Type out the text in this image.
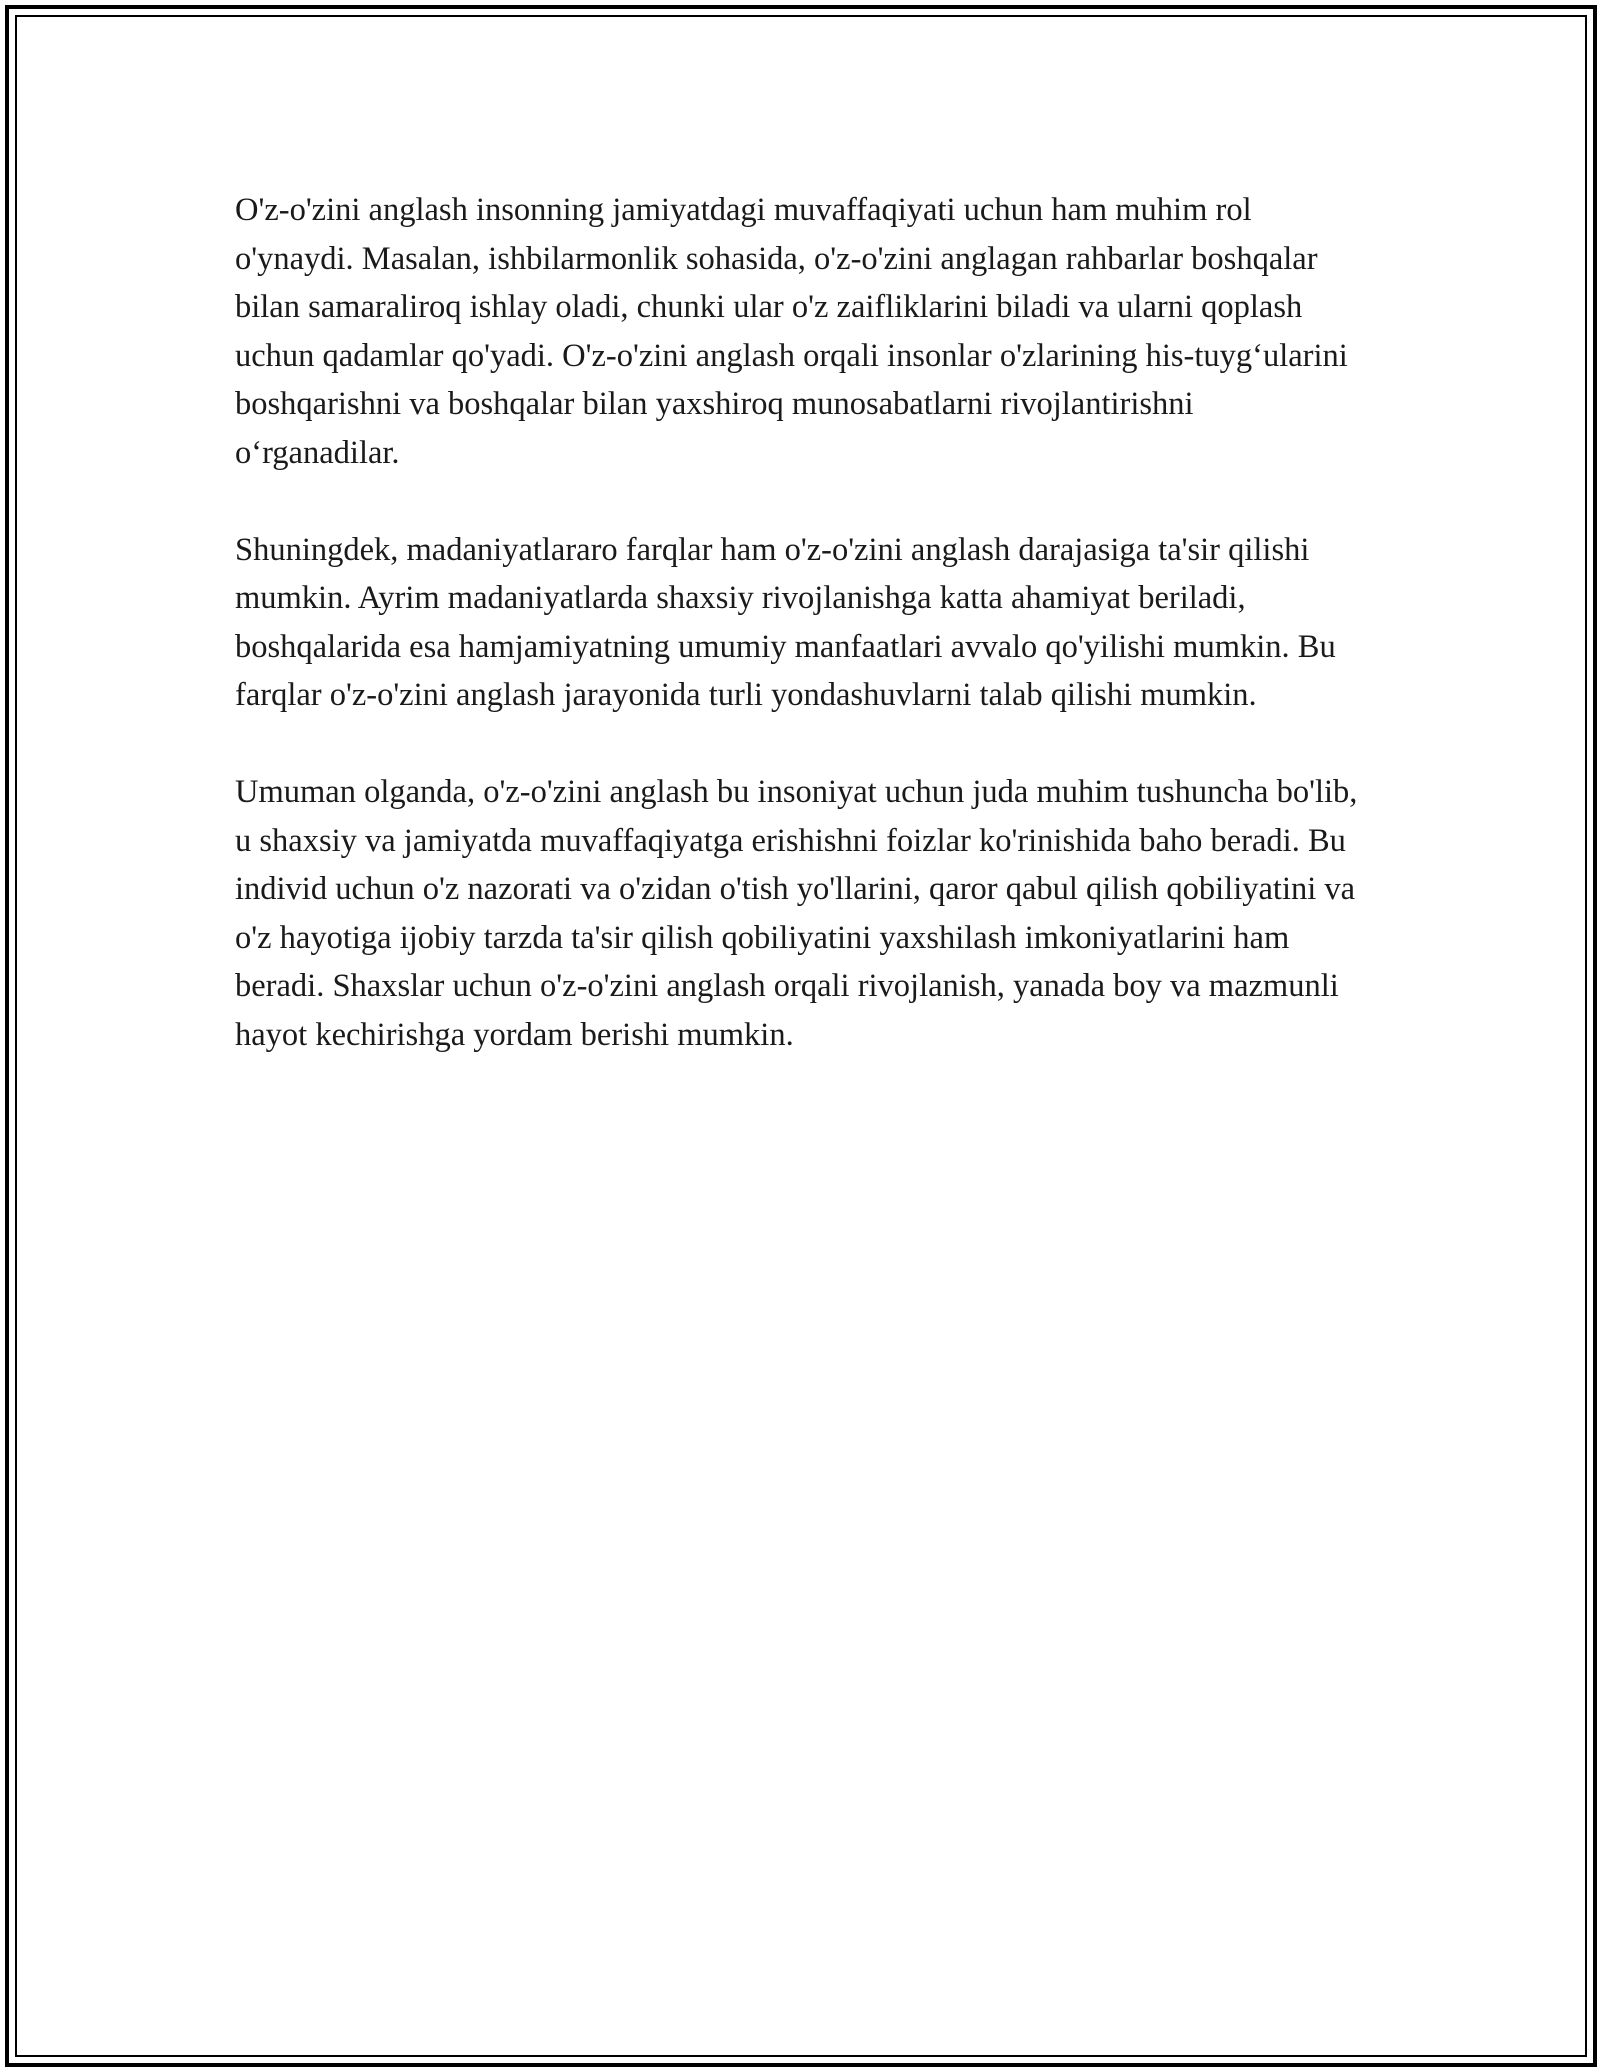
O'z-o'zini anglash insonning jamiyatdagi muvaffaqiyati uchun ham muhim rol o'ynaydi. Masalan, ishbilarmonlik sohasida, o'z-o'zini anglagan rahbarlar boshqalar bilan samaraliroq ishlay oladi, chunki ular o'z zaifliklarini biladi va ularni qoplash uchun qadamlar qo'yadi. O'z-o'zini anglash orqali insonlar o'zlarining his-tuyg‘ularini boshqarishni va boshqalar bilan yaxshiroq munosabatlarni rivojlantirishni o‘rganadilar.

Shuningdek, madaniyatlararo farqlar ham o'z-o'zini anglash darajasiga ta'sir qilishi mumkin. Ayrim madaniyatlarda shaxsiy rivojlanishga katta ahamiyat beriladi, boshqalarida esa hamjamiyatning umumiy manfaatlari avvalo qo'yilishi mumkin. Bu farqlar o'z-o'zini anglash jarayonida turli yondashuvlarni talab qilishi mumkin.

Umuman olganda, o'z-o'zini anglash bu insoniyat uchun juda muhim tushuncha bo'lib, u shaxsiy va jamiyatda muvaffaqiyatga erishishni foizlar ko'rinishida baho beradi. Bu individ uchun o'z nazorati va o'zidan o'tish yo'llarini, qaror qabul qilish qobiliyatini va o'z hayotiga ijobiy tarzda ta'sir qilish qobiliyatini yaxshilash imkoniyatlarini ham beradi. Shaxslar uchun o'z-o'zini anglash orqali rivojlanish, yanada boy va mazmunli hayot kechirishga yordam berishi mumkin.
